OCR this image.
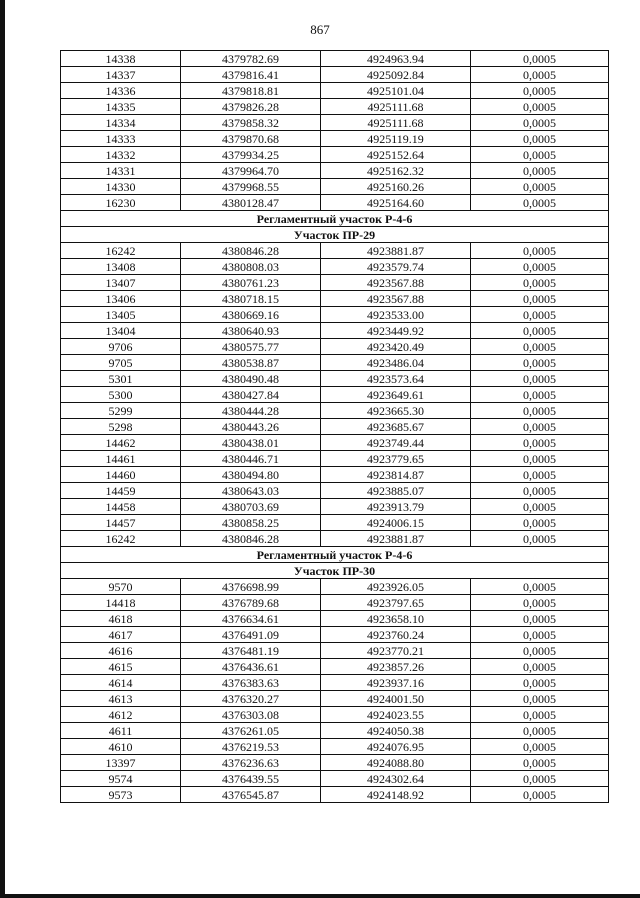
867
14338	4379782.69	4924963.94	0,0005
14337	4379816.41	4925092.84	0,0005
14336	4379818.81	4925101.04	0,0005
14335	4379826.28	4925111.68	0,0005
14334	4379858.32	4925111.68	0,0005
14333	4379870.68	4925119.19	0,0005
14332	4379934.25	4925152.64	0,0005
14331	4379964.70	4925162.32	0,0005
14330	4379968.55	4925160.26	0,0005
16230	4380128.47	4925164.60	0,0005
Регламентный участок Р-4-6			
Участок ПР-29			
16242	4380846.28	4923881.87	0,0005
13408	4380808.03	4923579.74	0,0005
13407	4380761.23	4923567.88	0,0005
13406	4380718.15	4923567.88	0,0005
13405	4380669.16	4923533.00	0,0005
13404	4380640.93	4923449.92	0,0005
9706	4380575.77	4923420.49	0,0005
9705	4380538.87	4923486.04	0,0005
5301	4380490.48	4923573.64	0,0005
5300	4380427.84	4923649.61	0,0005
5299	4380444.28	4923665.30	0,0005
5298	4380443.26	4923685.67	0,0005
14462	4380438.01	4923749.44	0,0005
14461	4380446.71	4923779.65	0,0005
14460	4380494.80	4923814.87	0,0005
14459	4380643.03	4923885.07	0,0005
14458	4380703.69	4923913.79	0,0005
14457	4380858.25	4924006.15	0,0005
16242	4380846.28	4923881.87	0,0005
Регламентный участок Р-4-6			
Участок ПР-30			
9570	4376698.99	4923926.05	0,0005
14418	4376789.68	4923797.65	0,0005
4618	4376634.61	4923658.10	0,0005
4617	4376491.09	4923760.24	0,0005
4616	4376481.19	4923770.21	0,0005
4615	4376436.61	4923857.26	0,0005
4614	4376383.63	4923937.16	0,0005
4613	4376320.27	4924001.50	0,0005
4612	4376303.08	4924023.55	0,0005
4611	4376261.05	4924050.38	0,0005
4610	4376219.53	4924076.95	0,0005
13397	4376236.63	4924088.80	0,0005
9574	4376439.55	4924302.64	0,0005
9573	4376545.87	4924148.92	0,0005
